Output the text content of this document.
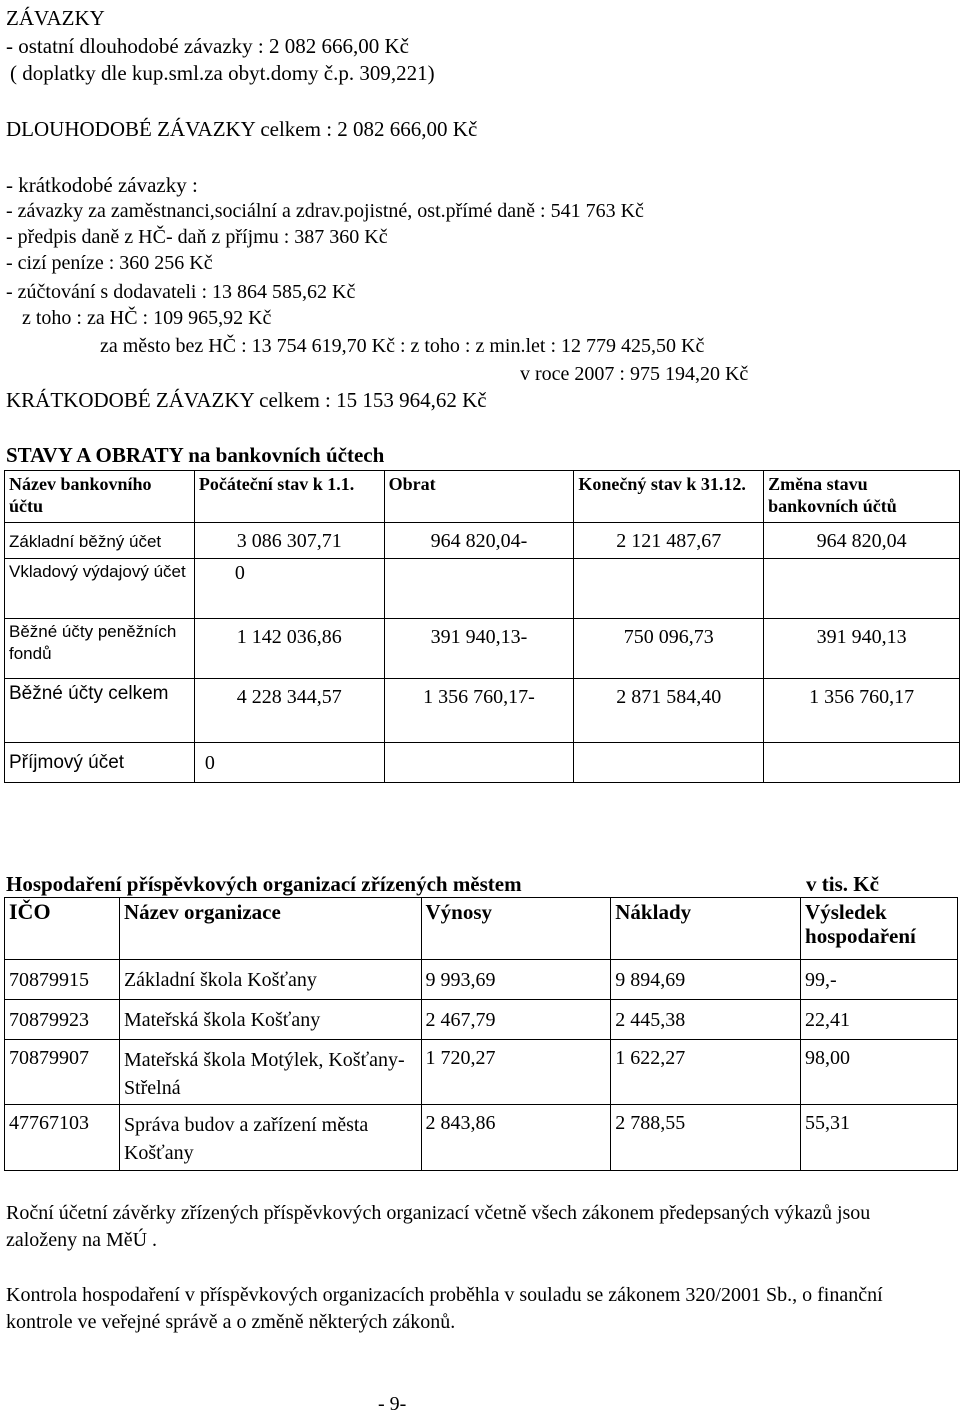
ZÁVAZKY
- ostatní dlouhodobé závazky : 2 082 666,00 Kč
( doplatky dle kup.sml.za obyt.domy č.p. 309,221)
DLOUHODOBÉ ZÁVAZKY celkem : 2 082 666,00 Kč
- krátkodobé závazky :
- závazky za zaměstnanci,sociální a zdrav.pojistné, ost.přímé daně : 541 763 Kč
- předpis daně z HČ- daň z příjmu : 387 360 Kč
- cizí peníze : 360 256 Kč
- zúčtování s dodavateli : 13 864 585,62 Kč
z toho : za HČ : 109 965,92 Kč
za město bez HČ : 13 754 619,70 Kč : z toho : z min.let : 12 779 425,50 Kč
v roce 2007 : 975 194,20 Kč
KRÁTKODOBÉ ZÁVAZKY celkem : 15 153 964,62 Kč
STAVY A OBRATY na bankovních účtech
Název bankovního účtu	Počáteční stav k 1.1.	Obrat	Konečný stav k 31.12.	Změna stavu bankovních účtů
Základní běžný účet	3 086 307,71	964 820,04-	2 121 487,67	964 820,04
Vkladový výdajový účet	0			
Běžné účty peněžních fondů	1 142 036,86	391 940,13-	750 096,73	391 940,13
Běžné účty celkem	4 228 344,57	1 356 760,17-	2 871 584,40	1 356 760,17
Příjmový účet	0			
Hospodaření příspěvkových organizací zřízených městem	v tis. Kč
IČO	Název organizace	Výnosy	Náklady	Výsledek hospodaření
70879915	Základní škola Košťany	9 993,69	9 894,69	99,-
70879923	Mateřská škola Košťany	2 467,79	2 445,38	22,41
70879907	Mateřská škola Motýlek, Košťany-Střelná	1 720,27	1 622,27	98,00
47767103	Správa budov a zařízení města Košťany	2 843,86	2 788,55	55,31
Roční účetní závěrky zřízených příspěvkových organizací včetně všech zákonem předepsaných výkazů jsou založeny na MěÚ .
Kontrola hospodaření v příspěvkových organizacích proběhla v souladu se zákonem 320/2001 Sb., o finanční kontrole ve veřejné správě a o změně některých zákonů.
- 9-
